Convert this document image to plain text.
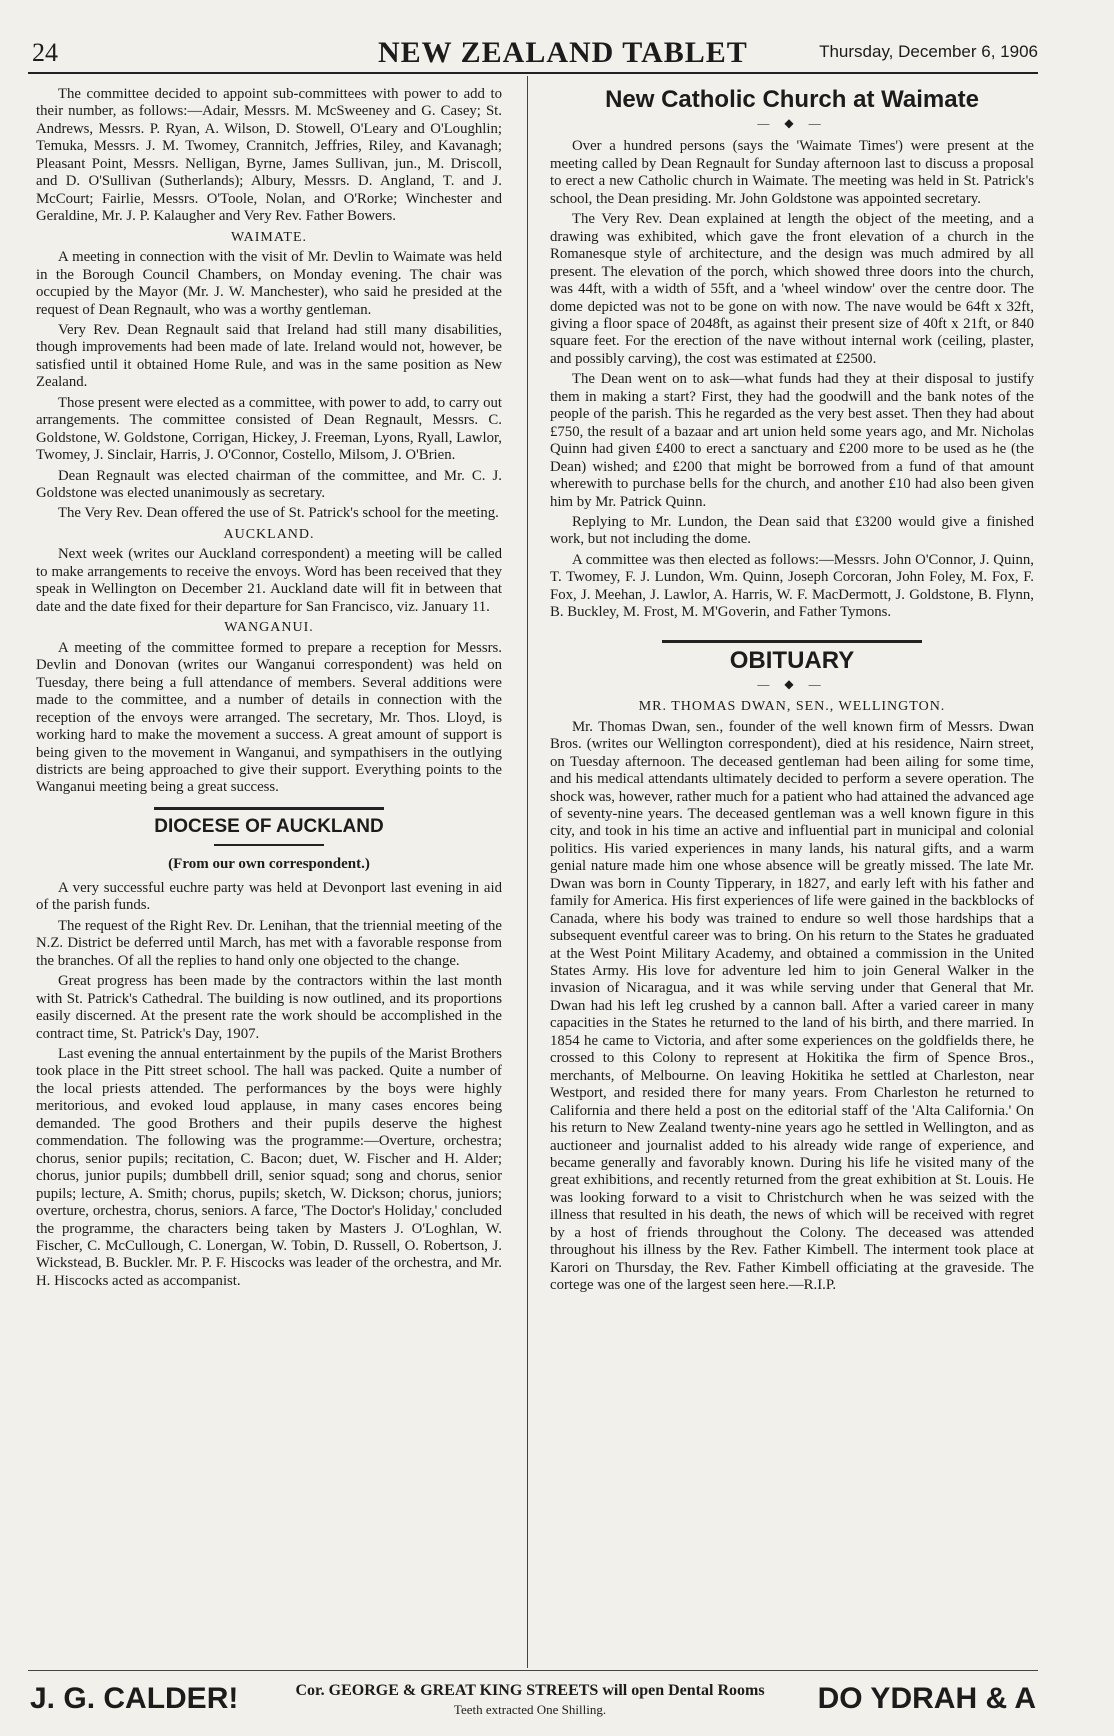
24	NEW ZEALAND TABLET	Thursday, December 6, 1906

The committee decided to appoint sub-committees with power to add to their number, as follows:—Adair, Messrs. M. McSweeney and G. Casey; St. Andrews, Messrs. P. Ryan, A. Wilson, D. Stowell, O'Leary and O'Loughlin; Temuka, Messrs. J. M. Twomey, Crannitch, Jeffries, Riley, and Kavanagh; Pleasant Point, Messrs. Nelligan, Byrne, James Sullivan, jun., M. Driscoll, and D. O'Sullivan (Sutherlands); Albury, Messrs. D. Angland, T. and J. McCourt; Fairlie, Messrs. O'Toole, Nolan, and O'Rorke; Winchester and Geraldine, Mr. J. P. Kalaugher and Very Rev. Father Bowers.

WAIMATE.

A meeting in connection with the visit of Mr. Devlin to Waimate was held in the Borough Council Chambers, on Monday evening. The chair was occupied by the Mayor (Mr. J. W. Manchester), who said he presided at the request of Dean Regnault, who was a worthy gentleman.

Very Rev. Dean Regnault said that Ireland had still many disabilities, though improvements had been made of late. Ireland would not, however, be satisfied until it obtained Home Rule, and was in the same position as New Zealand.

Those present were elected as a committee, with power to add, to carry out arrangements. The committee consisted of Dean Regnault, Messrs. C. Goldstone, W. Goldstone, Corrigan, Hickey, J. Freeman, Lyons, Ryall, Lawlor, Twomey, J. Sinclair, Harris, J. O'Connor, Costello, Milsom, J. O'Brien.

Dean Regnault was elected chairman of the committee, and Mr. C. J. Goldstone was elected unanimously as secretary.

The Very Rev. Dean offered the use of St. Patrick's school for the meeting.

AUCKLAND.

Next week (writes our Auckland correspondent) a meeting will be called to make arrangements to receive the envoys. Word has been received that they speak in Wellington on December 21. Auckland date will fit in between that date and the date fixed for their departure for San Francisco, viz. January 11.

WANGANUI.

A meeting of the committee formed to prepare a reception for Messrs. Devlin and Donovan (writes our Wanganui correspondent) was held on Tuesday, there being a full attendance of members. Several additions were made to the committee, and a number of details in connection with the reception of the envoys were arranged. The secretary, Mr. Thos. Lloyd, is working hard to make the movement a success. A great amount of support is being given to the movement in Wanganui, and sympathisers in the outlying districts are being approached to give their support. Everything points to the Wanganui meeting being a great success.

DIOCESE OF AUCKLAND
(From our own correspondent.)

A very successful euchre party was held at Devonport last evening in aid of the parish funds.

The request of the Right Rev. Dr. Lenihan, that the triennial meeting of the N.Z. District be deferred until March, has met with a favorable response from the branches. Of all the replies to hand only one objected to the change.

Great progress has been made by the contractors within the last month with St. Patrick's Cathedral. The building is now outlined, and its proportions easily discerned. At the present rate the work should be accomplished in the contract time, St. Patrick's Day, 1907.

Last evening the annual entertainment by the pupils of the Marist Brothers took place in the Pitt street school. The hall was packed. Quite a number of the local priests attended. The performances by the boys were highly meritorious, and evoked loud applause, in many cases encores being demanded. The good Brothers and their pupils deserve the highest commendation. The following was the programme:—Overture, orchestra; chorus, senior pupils; recitation, C. Bacon; duet, W. Fischer and H. Alder; chorus, junior pupils; dumbbell drill, senior squad; song and chorus, senior pupils; lecture, A. Smith; chorus, pupils; sketch, W. Dickson; chorus, juniors; overture, orchestra, chorus, seniors. A farce, 'The Doctor's Holiday,' concluded the programme, the characters being taken by Masters J. O'Loghlan, W. Fischer, C. McCullough, C. Lonergan, W. Tobin, D. Russell, O. Robertson, J. Wickstead, B. Buckler. Mr. P. F. Hiscocks was leader of the orchestra, and Mr. H. Hiscocks acted as accompanist.

New Catholic Church at Waimate
— ◆ —

Over a hundred persons (says the 'Waimate Times') were present at the meeting called by Dean Regnault for Sunday afternoon last to discuss a proposal to erect a new Catholic church in Waimate. The meeting was held in St. Patrick's school, the Dean presiding. Mr. John Goldstone was appointed secretary.

The Very Rev. Dean explained at length the object of the meeting, and a drawing was exhibited, which gave the front elevation of a church in the Romanesque style of architecture, and the design was much admired by all present. The elevation of the porch, which showed three doors into the church, was 44ft, with a width of 55ft, and a 'wheel window' over the centre door. The dome depicted was not to be gone on with now. The nave would be 64ft x 32ft, giving a floor space of 2048ft, as against their present size of 40ft x 21ft, or 840 square feet. For the erection of the nave without internal work (ceiling, plaster, and possibly carving), the cost was estimated at £2500.

The Dean went on to ask—what funds had they at their disposal to justify them in making a start? First, they had the goodwill and the bank notes of the people of the parish. This he regarded as the very best asset. Then they had about £750, the result of a bazaar and art union held some years ago, and Mr. Nicholas Quinn had given £400 to erect a sanctuary and £200 more to be used as he (the Dean) wished; and £200 that might be borrowed from a fund of that amount wherewith to purchase bells for the church, and another £10 had also been given him by Mr. Patrick Quinn.

Replying to Mr. Lundon, the Dean said that £3200 would give a finished work, but not including the dome.

A committee was then elected as follows:—Messrs. John O'Connor, J. Quinn, T. Twomey, F. J. Lundon, Wm. Quinn, Joseph Corcoran, John Foley, M. Fox, F. Fox, J. Meehan, J. Lawlor, A. Harris, W. F. MacDermott, J. Goldstone, B. Flynn, B. Buckley, M. Frost, M. M'Goverin, and Father Tymons.

OBITUARY
— ◆ —
MR. THOMAS DWAN, SEN., WELLINGTON.

Mr. Thomas Dwan, sen., founder of the well known firm of Messrs. Dwan Bros. (writes our Wellington correspondent), died at his residence, Nairn street, on Tuesday afternoon. The deceased gentleman had been ailing for some time, and his medical attendants ultimately decided to perform a severe operation. The shock was, however, rather much for a patient who had attained the advanced age of seventy-nine years. The deceased gentleman was a well known figure in this city, and took in his time an active and influential part in municipal and colonial politics. His varied experiences in many lands, his natural gifts, and a warm genial nature made him one whose absence will be greatly missed. The late Mr. Dwan was born in County Tipperary, in 1827, and early left with his father and family for America. His first experiences of life were gained in the backblocks of Canada, where his body was trained to endure so well those hardships that a subsequent eventful career was to bring. On his return to the States he graduated at the West Point Military Academy, and obtained a commission in the United States Army. His love for adventure led him to join General Walker in the invasion of Nicaragua, and it was while serving under that General that Mr. Dwan had his left leg crushed by a cannon ball. After a varied career in many capacities in the States he returned to the land of his birth, and there married. In 1854 he came to Victoria, and after some experiences on the goldfields there, he crossed to this Colony to represent at Hokitika the firm of Spence Bros., merchants, of Melbourne. On leaving Hokitika he settled at Charleston, near Westport, and resided there for many years. From Charleston he returned to California and there held a post on the editorial staff of the 'Alta California.' On his return to New Zealand twenty-nine years ago he settled in Wellington, and as auctioneer and journalist added to his already wide range of experience, and became generally and favorably known. During his life he visited many of the great exhibitions, and recently returned from the great exhibition at St. Louis. He was looking forward to a visit to Christchurch when he was seized with the illness that resulted in his death, the news of which will be received with regret by a host of friends throughout the Colony. The deceased was attended throughout his illness by the Rev. Father Kimbell. The interment took place at Karori on Thursday, the Rev. Father Kimbell officiating at the graveside. The cortege was one of the largest seen here.—R.I.P.

J. G. CALDER!	Cor. GEORGE & GREAT KING STREETS will open Dental Rooms
Teeth extracted One Shilling.	DO YDRAH & A
